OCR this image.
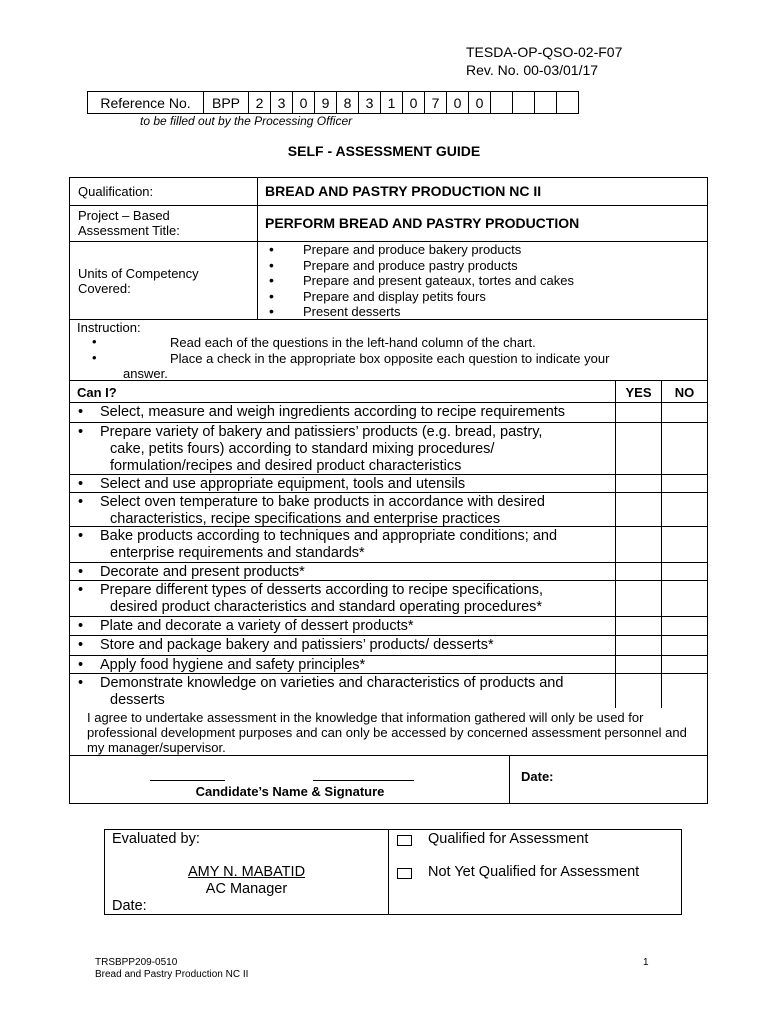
TESDA-OP-QSO-02-F07
Rev. No. 00-03/01/17
Reference No.	BPP	2	3	0	9	8	3	1	0	7	0	0				
to be filled out by the Processing Officer
SELF - ASSESSMENT GUIDE
Qualification:	BREAD AND PASTRY PRODUCTION NC II
Project – Based
Assessment Title:	PERFORM BREAD AND PASTRY PRODUCTION
Units of Competency
Covered:
• Prepare and produce bakery products
• Prepare and produce pastry products
• Prepare and present gateaux, tortes and cakes
• Prepare and display petits fours
• Present desserts
Instruction:
•	Read each of the questions in the left-hand column of the chart.
•	Place a check in the appropriate box opposite each question to indicate your
answer.
Can I?	YES	NO
•	Select, measure and weigh ingredients according to recipe requirements
•	Prepare variety of bakery and patissiers’ products (e.g. bread, pastry,
cake, petits fours) according to standard mixing procedures/
formulation/recipes and desired product characteristics
•	Select and use appropriate equipment, tools and utensils
•	Select oven temperature to bake products in accordance with desired
characteristics, recipe specifications and enterprise practices
•	Bake products according to techniques and appropriate conditions; and
enterprise requirements and standards*
•	Decorate and present products*
•	Prepare different types of desserts according to recipe specifications,
desired product characteristics and standard operating procedures*
•	Plate and decorate a variety of dessert products*
•	Store and package bakery and patissiers’ products/ desserts*
•	Apply food hygiene and safety principles*
•	Demonstrate knowledge on varieties and characteristics of products and
desserts
I agree to undertake assessment in the knowledge that information gathered will only be used for professional development purposes and can only be accessed by concerned assessment personnel and my manager/supervisor.
Candidate’s Name & Signature
Date:
Evaluated by:
AMY N. MABATID
AC Manager
Date:
Qualified for Assessment
Not Yet Qualified for Assessment
TRSBPP209-0510
Bread and Pastry Production NC II
1
